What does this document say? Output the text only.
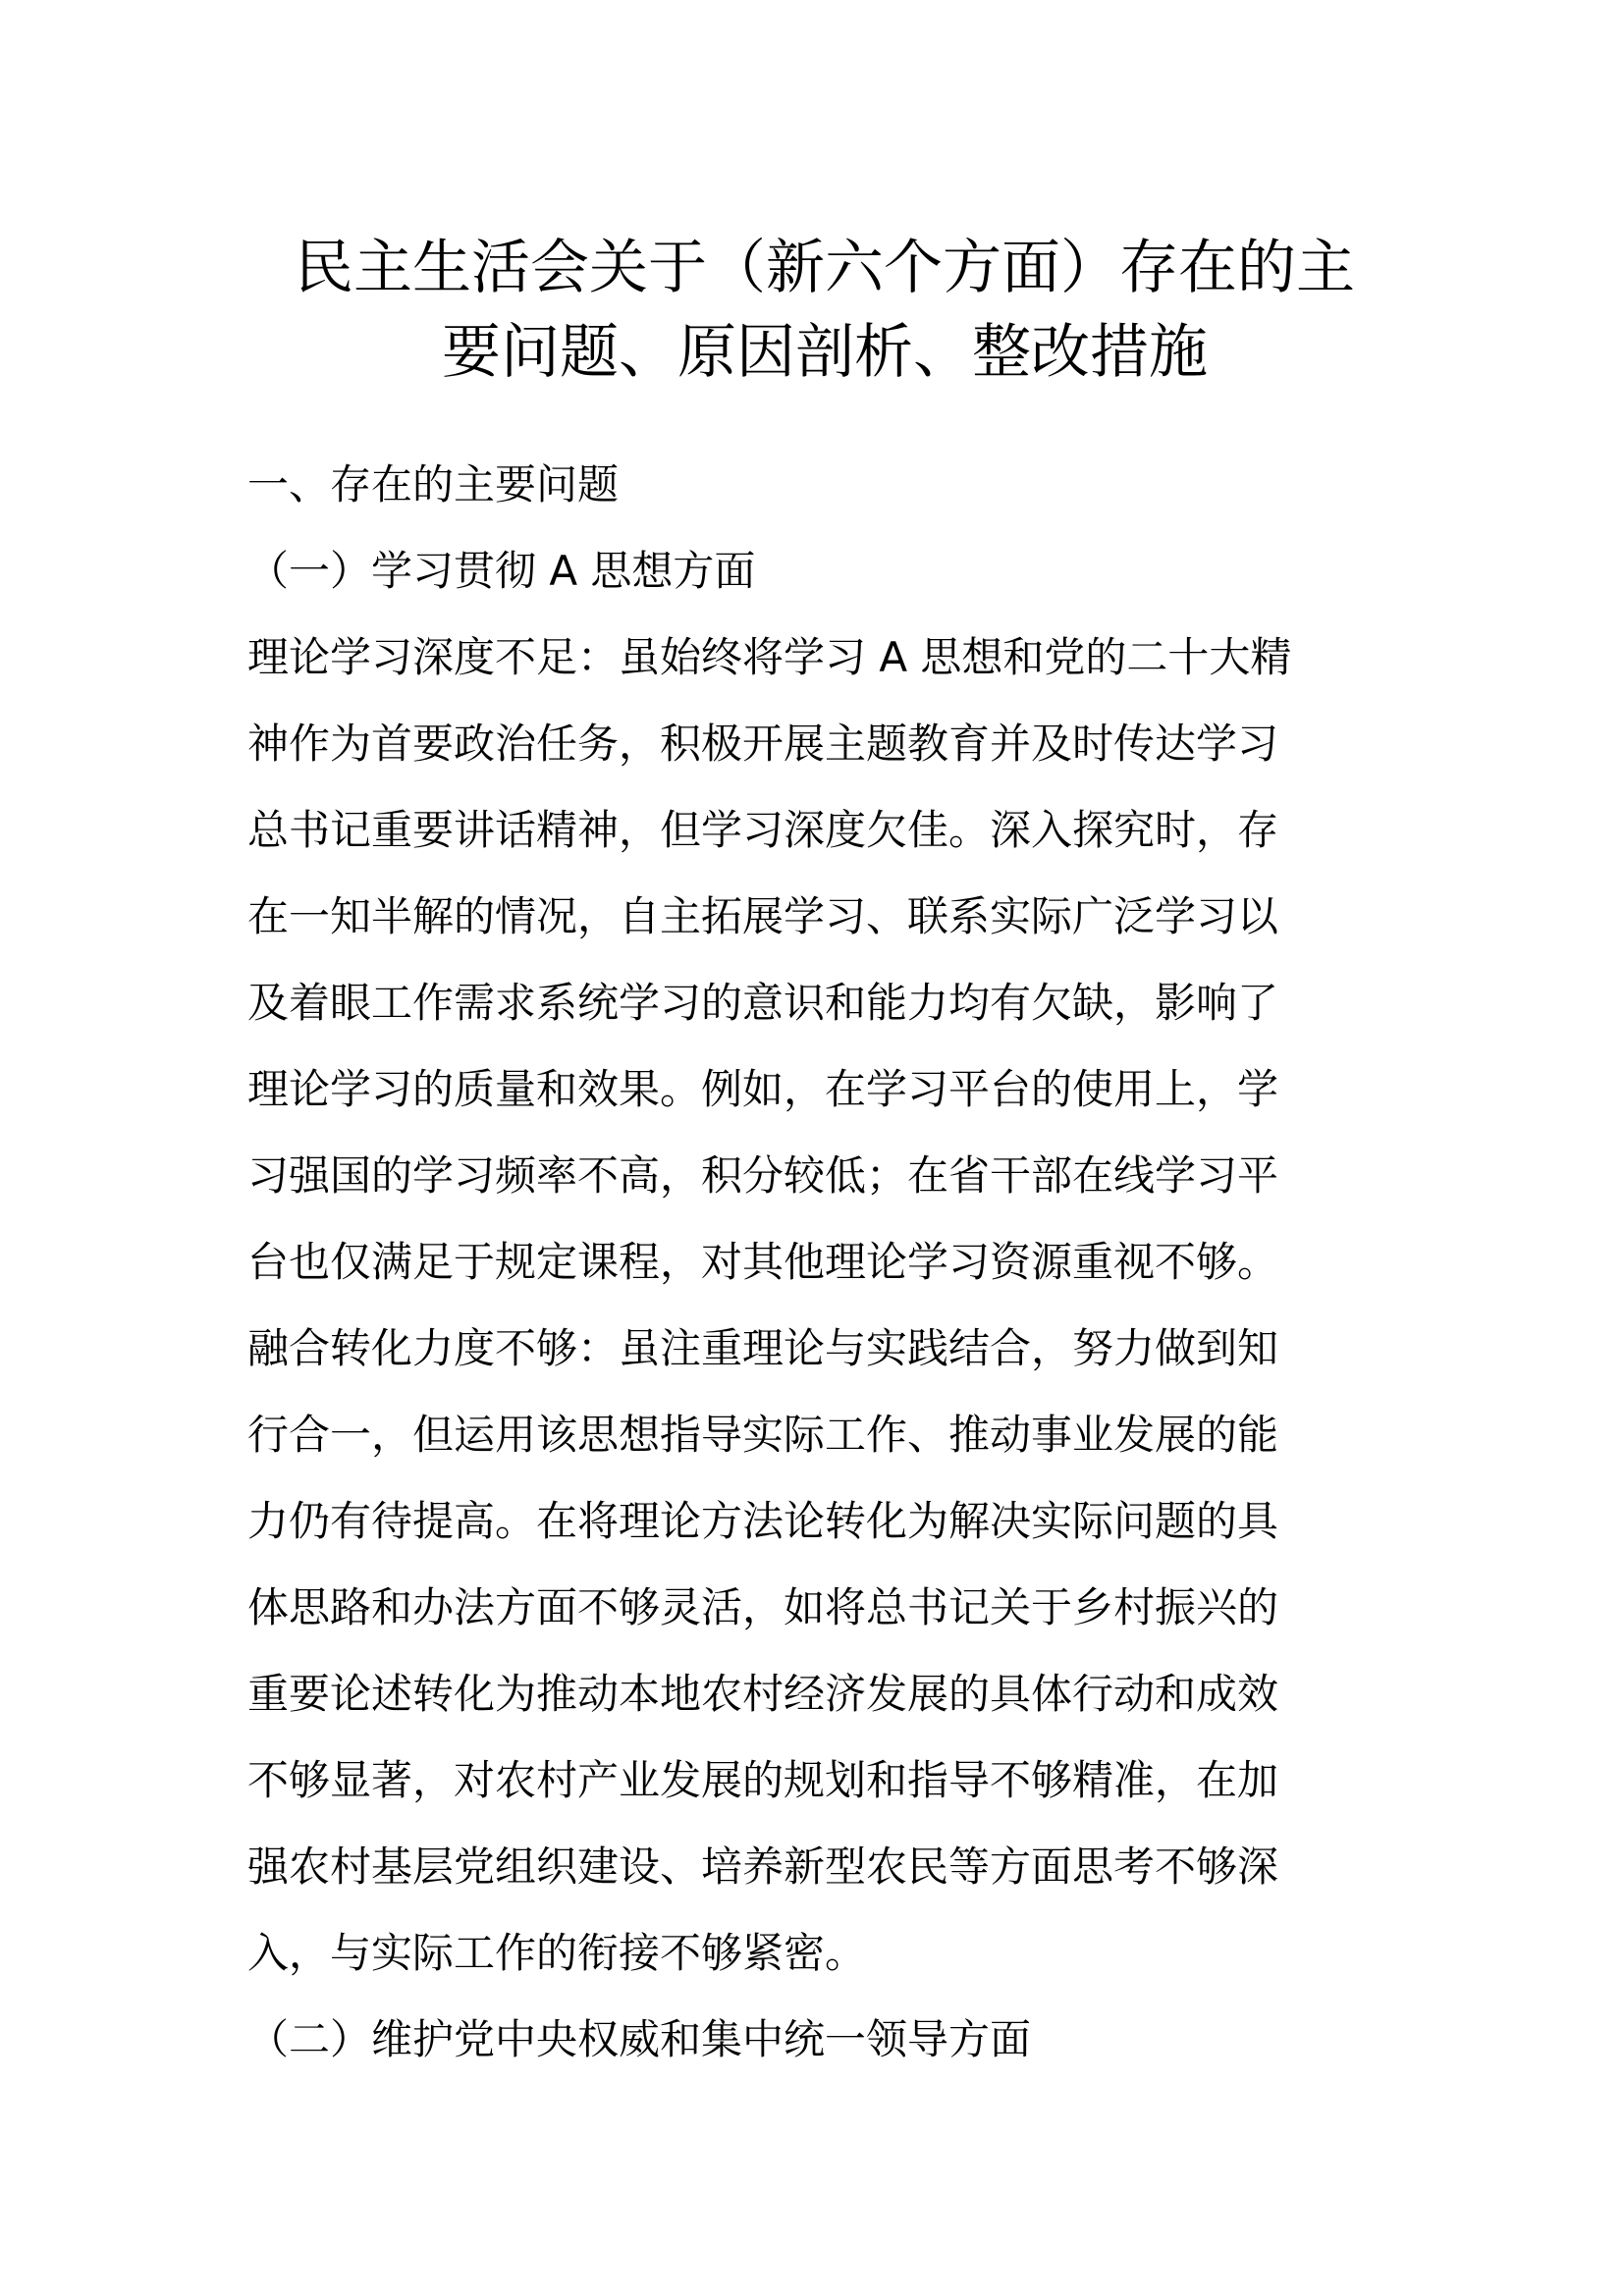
民主生活会关于（新六个方面）存在的主
要问题、原因剖析、整改措施
一、存在的主要问题
（一）学习贯彻 A 思想方面
理论学习深度不足：虽始终将学习 A 思想和党的二十大精
神作为首要政治任务，积极开展主题教育并及时传达学习
总书记重要讲话精神，但学习深度欠佳。深入探究时，存
在一知半解的情况，自主拓展学习、联系实际广泛学习以
及着眼工作需求系统学习的意识和能力均有欠缺，影响了
理论学习的质量和效果。例如，在学习平台的使用上，学
习强国的学习频率不高，积分较低；在省干部在线学习平
台也仅满足于规定课程，对其他理论学习资源重视不够。
融合转化力度不够：虽注重理论与实践结合，努力做到知
行合一，但运用该思想指导实际工作、推动事业发展的能
力仍有待提高。在将理论方法论转化为解决实际问题的具
体思路和办法方面不够灵活，如将总书记关于乡村振兴的
重要论述转化为推动本地农村经济发展的具体行动和成效
不够显著，对农村产业发展的规划和指导不够精准，在加
强农村基层党组织建设、培养新型农民等方面思考不够深
入，与实际工作的衔接不够紧密。
（二）维护党中央权威和集中统一领导方面
